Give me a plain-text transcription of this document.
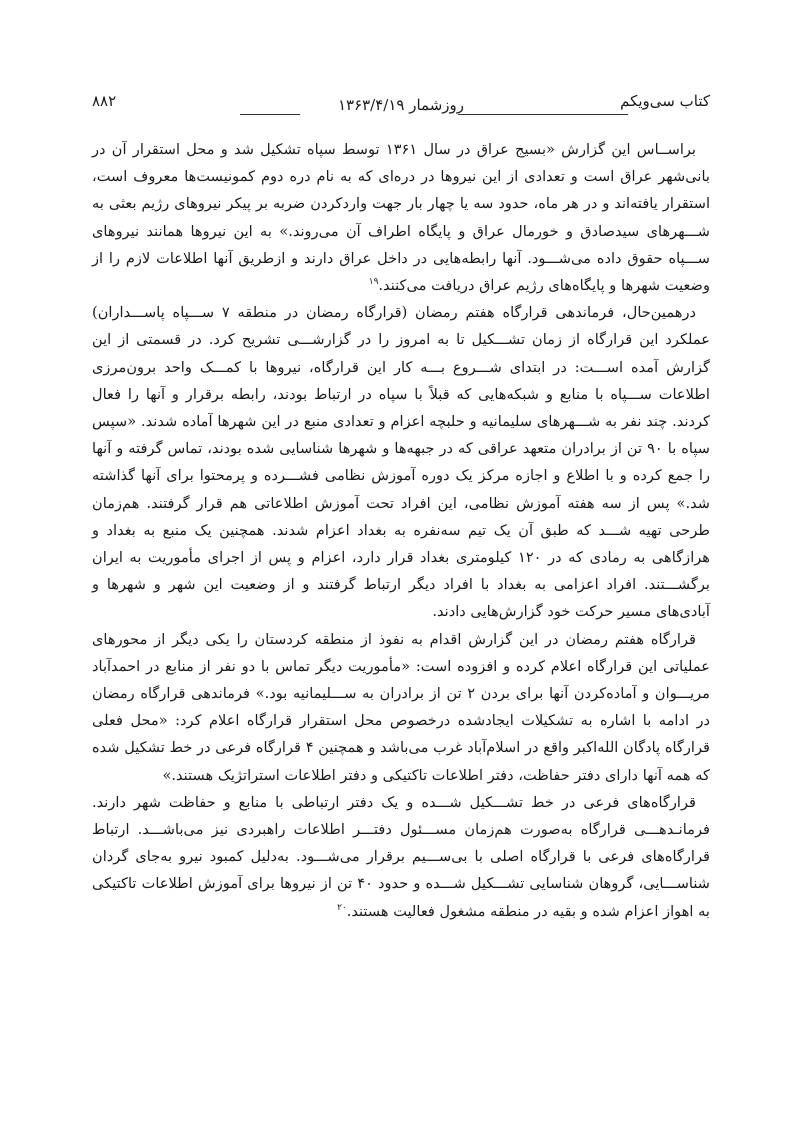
کتاب سی‌ویکم
روزشمار ۱۳۶۳/۴/۱۹
۸۸۲

براســاس این گزارش «بسیج عراق در سال ۱۳۶۱ توسط سپاه تشکیل شد و محل استقرار آن در بانی‌شهر عراق است و تعدادی از این نیروها در دره‌ای که به نام دره دوم کمونیست‌ها معروف است، استقرار یافته‌اند و در هر ماه، حدود سه یا چهار بار جهت واردکردن ضربه بر پیکر نیروهای رژیم بعثی به شـــهرهای سیدصادق و خورمال عراق و پایگاه اطراف آن می‌روند.» به این نیروها همانند نیروهای ســـپاه حقوق داده می‌شـــود. آنها رابطه‌هایی در داخل عراق دارند و ازطریق آنها اطلاعات لازم را از وضعیت شهرها و پایگاه‌های رژیم عراق دریافت می‌کنند.$^{۱۹}$

درهمین‌حال، فرماندهی قرارگاه هفتم رمضان (قرارگاه رمضان در منطقه ۷ ســـپاه پاســـداران) عملکرد این قرارگاه از زمان تشـــکیل تا به امروز را در گزارشـــی تشریح کرد. در قسمتی از این گزارش آمده اســـت: در ابتدای شـــروع بـــه کار این قرارگاه، نیروها با کمـــک واحد برون‌مرزی اطلاعات ســـپاه با منابع و شبکه‌هایی که قبلاً با سپاه در ارتباط بودند، رابطه برقرار و آنها را فعال کردند. چند نفر به شـــهرهای سلیمانیه و حلبچه اعزام و تعدادی منبع در این شهرها آماده شدند. «سپس سپاه با ۹۰ تن از برادران متعهد عراقی که در جبهه‌ها و شهرها شناسایی شده بودند، تماس گرفته و آنها را جمع کرده و با اطلاع و اجازه مرکز یک دوره آموزش نظامی فشـــرده و پرمحتوا برای آنها گذاشته شد.» پس از سه هفته آموزش نظامی، این افراد تحت آموزش اطلاعاتی هم قرار گرفتند. هم‌زمان طرحی تهیه شـــد که طبق آن یک تیم سه‌نفره به بغداد اعزام شدند. همچنین یک منبع به بغداد و هرازگاهی به رمادی که در ۱۲۰ کیلومتری بغداد قرار دارد، اعزام و پس از اجرای مأموریت به ایران برگشـــتند. افراد اعزامی به بغداد با افراد دیگر ارتباط گرفتند و از وضعیت این شهر و شهرها و آبادی‌های مسیر حرکت خود گزارش‌هایی دادند.

قرارگاه هفتم رمضان در این گزارش اقدام به نفوذ از منطقه کردستان را یکی دیگر از محورهای عملیاتی این قرارگاه اعلام کرده و افزوده است: «مأموریت دیگر تماس با دو نفر از منابع در احمدآباد مریـــوان و آماده‌کردن آنها برای بردن ۲ تن از برادران به ســـلیمانیه بود.» فرماندهی قرارگاه رمضان در ادامه با اشاره به تشکیلات ایجادشده درخصوص محل استقرار قرارگاه اعلام کرد: «محل فعلی قرارگاه پادگان الله‌اکبر واقع در اسلام‌آباد غرب می‌باشد و همچنین ۴ قرارگاه فرعی در خط تشکیل شده که همه آنها دارای دفتر حفاظت، دفتر اطلاعات تاکتیکی و دفتر اطلاعات استراتژیک هستند.»

قرارگاه‌های فرعی در خط تشـــکیل شـــده و یک دفتر ارتباطی با منابع و حفاظت شهر دارند. فرمانـدهـــی قرارگاه به‌صورت هم‌زمان مســـئول دفتـــر اطلاعات راهبردی نیز می‌باشـــد. ارتباط قرارگاه‌های فرعی با قرارگاه اصلی با بی‌ســـیم برقرار می‌شـــود. به‌دلیل کمبود نیرو به‌جای گردان شناســـایی، گروهان شناسایی تشـــکیل شـــده و حدود ۴۰ تن از نیروها برای آموزش اطلاعات تاکتیکی به اهواز اعزام شده و بقیه در منطقه مشغول فعالیت هستند.$^{۲۰}$
